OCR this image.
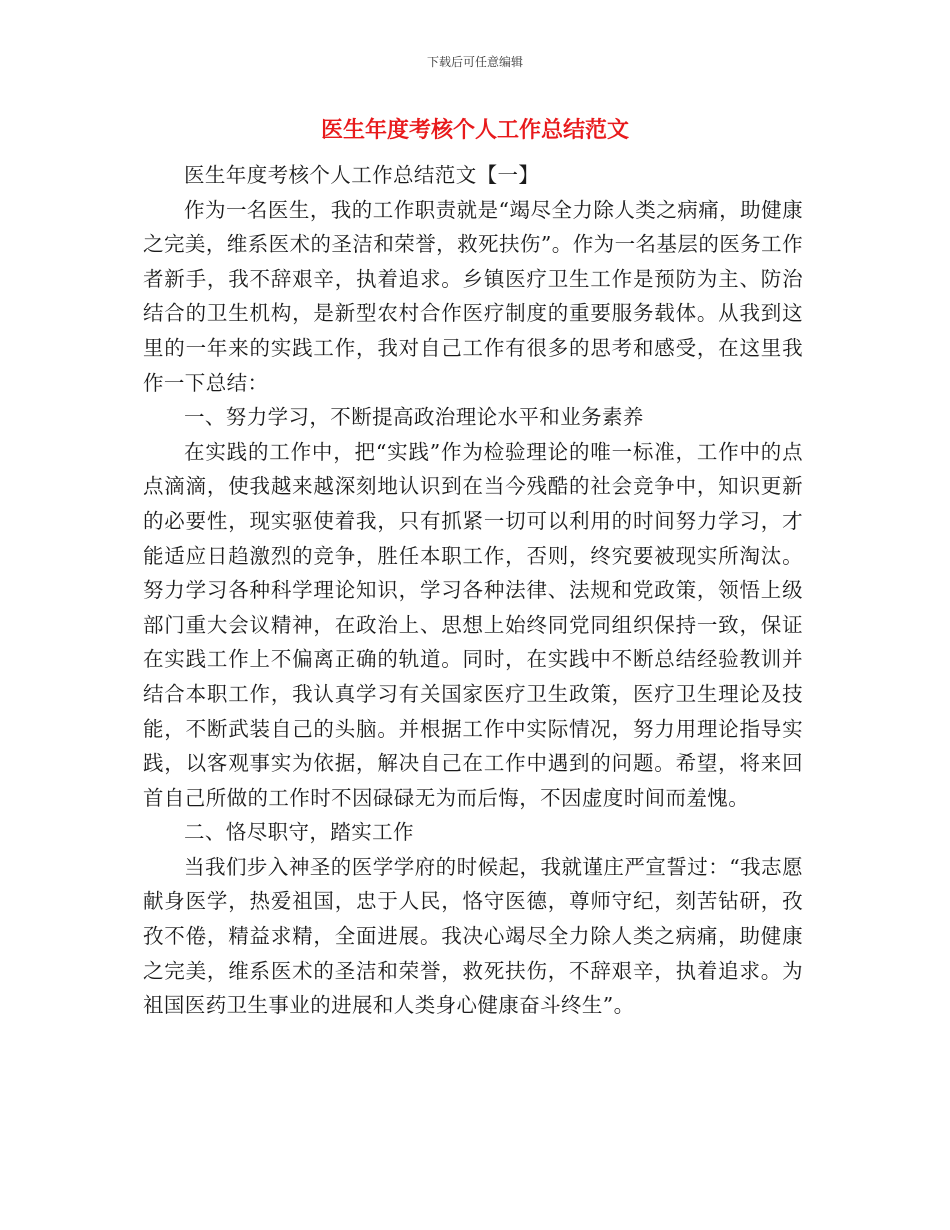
下载后可任意编辑
医生年度考核个人工作总结范文

医生年度考核个人工作总结范文【一】

作为一名医生，我的工作职责就是“竭尽全力除人类之病痛，助健康之完美，维系医术的圣洁和荣誉，救死扶伤”。作为一名基层的医务工作者新手，我不辞艰辛，执着追求。乡镇医疗卫生工作是预防为主、防治结合的卫生机构，是新型农村合作医疗制度的重要服务载体。从我到这里的一年来的实践工作，我对自己工作有很多的思考和感受，在这里我作一下总结：

一、努力学习，不断提高政治理论水平和业务素养

在实践的工作中，把“实践”作为检验理论的唯一标准，工作中的点点滴滴，使我越来越深刻地认识到在当今残酷的社会竞争中，知识更新的必要性，现实驱使着我，只有抓紧一切可以利用的时间努力学习，才能适应日趋激烈的竞争，胜任本职工作，否则，终究要被现实所淘汰。努力学习各种科学理论知识，学习各种法律、法规和党政策，领悟上级部门重大会议精神，在政治上、思想上始终同党同组织保持一致，保证在实践工作上不偏离正确的轨道。同时，在实践中不断总结经验教训并结合本职工作，我认真学习有关国家医疗卫生政策，医疗卫生理论及技能，不断武装自己的头脑。并根据工作中实际情况，努力用理论指导实践，以客观事实为依据，解决自己在工作中遇到的问题。希望，将来回首自己所做的工作时不因碌碌无为而后悔，不因虚度时间而羞愧。

二、恪尽职守，踏实工作

当我们步入神圣的医学学府的时候起，我就谨庄严宣誓过：“我志愿献身医学，热爱祖国，忠于人民，恪守医德，尊师守纪，刻苦钻研，孜孜不倦，精益求精，全面进展。我决心竭尽全力除人类之病痛，助健康之完美，维系医术的圣洁和荣誉，救死扶伤，不辞艰辛，执着追求。为祖国医药卫生事业的进展和人类身心健康奋斗终生”。
